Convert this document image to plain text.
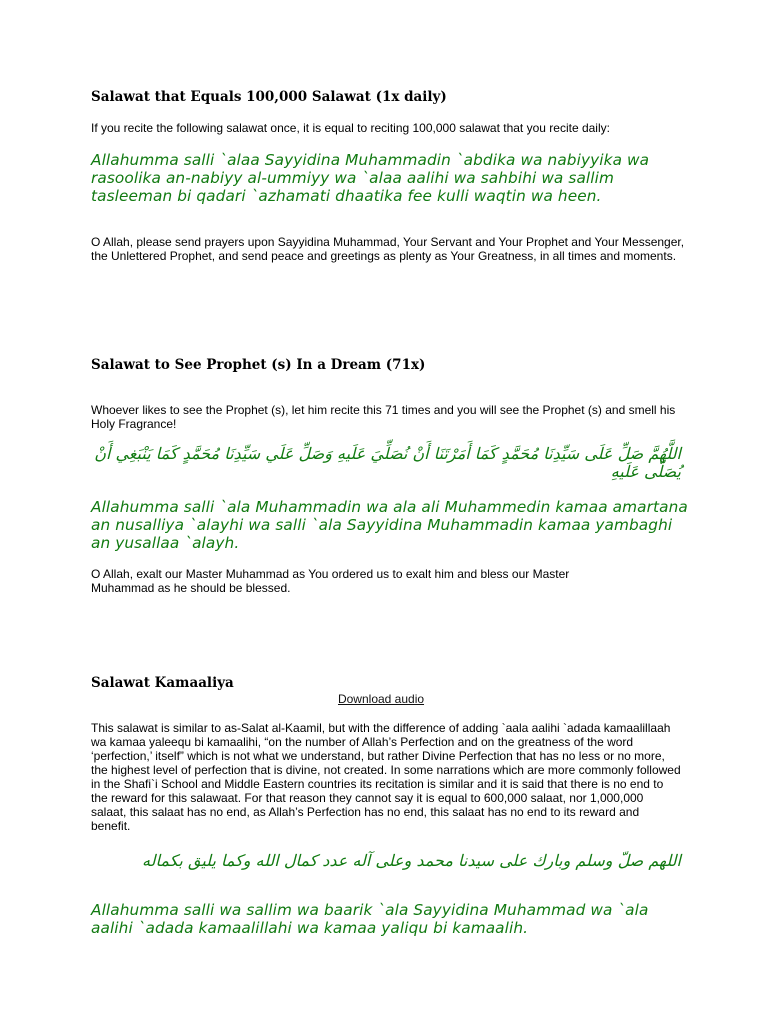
Salawat that Equals 100,000 Salawat (1x daily)

If you recite the following salawat once, it is equal to reciting 100,000 salawat that you recite daily:

Allahumma salli `alaa Sayyidina Muhammadin `abdika wa nabiyyika wa rasoolika an-nabiyy al-ummiyy wa `alaa aalihi wa sahbihi wa sallim tasleeman bi qadari `azhamati dhaatika fee kulli waqtin wa heen.

O Allah, please send prayers upon Sayyidina Muhammad, Your Servant and Your Prophet and Your Messenger, the Unlettered Prophet, and send peace and greetings as plenty as Your Greatness, in all times and moments.

Salawat to See Prophet (s) In a Dream (71x)

Whoever likes to see the Prophet (s), let him recite this 71 times and you will see the Prophet (s) and smell his Holy Fragrance!

اللَّهُمَّ صَلِّ عَلَى سَيِّدِنَا مُحَمَّدٍ كَمَا أَمَرْتَنَا أَنْ نُصَلِّيَ عَلَيهِ وَصَلِّ عَلَي سَيِّدِنَا مُحَمَّدٍ كَمَا يَنْبَغِي أَنْ يُصَلَّى عَلَيهِ

Allahumma salli `ala Muhammadin wa ala ali Muhammedin kamaa amartana an nusalliya `alayhi wa salli `ala Sayyidina Muhammadin kamaa yambaghi an yusallaa `alayh.

O Allah, exalt our Master Muhammad as You ordered us to exalt him and bless our Master Muhammad as he should be blessed.

Salawat Kamaaliya

Download audio

This salawat is similar to as-Salat al-Kaamil, but with the difference of adding `aala aalihi `adada kamaalillaah wa kamaa yaleequ bi kamaalihi, “on the number of Allah’s Perfection and on the greatness of the word ‘perfection,’ itself” which is not what we understand, but rather Divine Perfection that has no less or no more, the highest level of perfection that is divine, not created. In some narrations which are more commonly followed in the Shafi`i School and Middle Eastern countries its recitation is similar and it is said that there is no end to the reward for this salawaat. For that reason they cannot say it is equal to 600,000 salaat, nor 1,000,000 salaat, this salaat has no end, as Allah’s Perfection has no end, this salaat has no end to its reward and benefit.

اللهم صلّ وسلم وبارك على سيدنا محمد وعلى آله عدد كمال الله وكما يليق بكماله

Allahumma salli wa sallim wa baarik `ala Sayyidina Muhammad wa `ala aalihi `adada kamaalillahi wa kamaa yaliqu bi kamaalih.
